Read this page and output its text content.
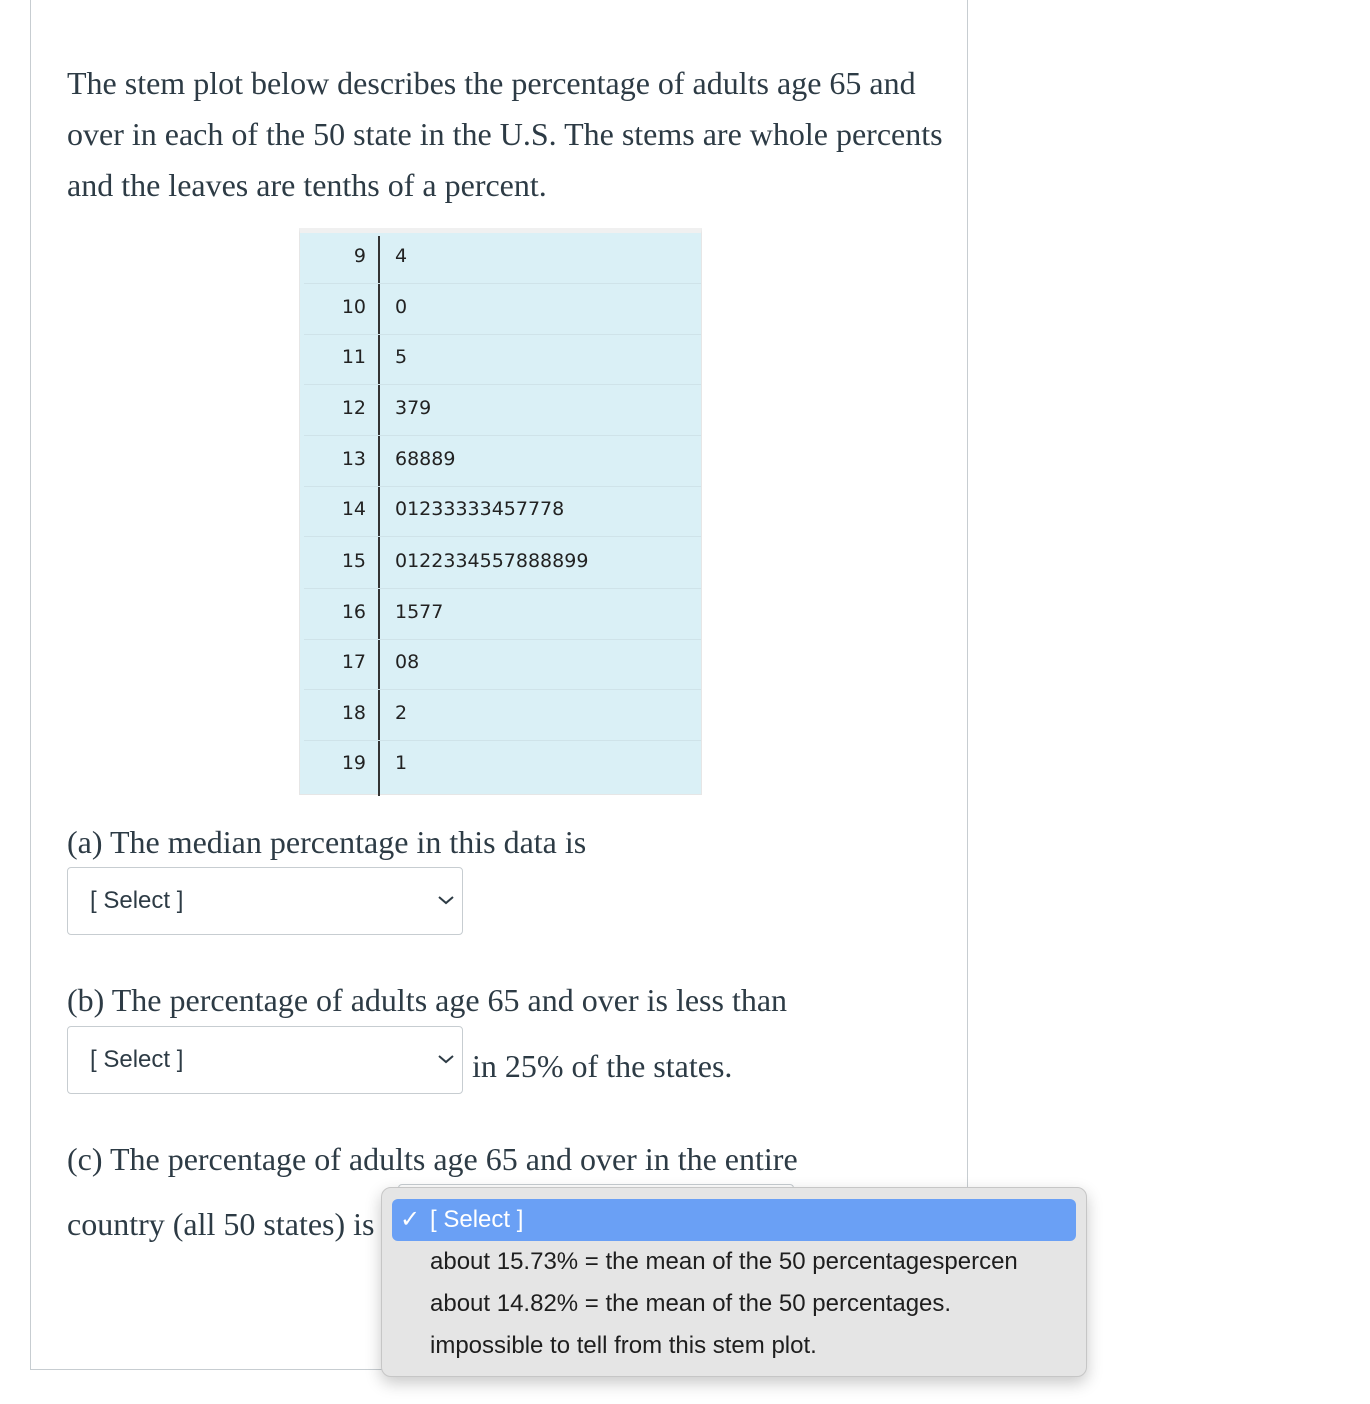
The stem plot below describes the percentage of adults age 65 and over in each of the 50 state in the U.S. The stems are whole percents and the leaves are tenths of a percent.

9 4
10 0
11 5
12 379
13 68889
14 01233333457778
15 0122334557888899
16 1577
17 08
18 2
19 1

(a) The median percentage in this data is

[ Select ]

(b) The percentage of adults age 65 and over is less than

[ Select ]	in 25% of the states.

(c) The percentage of adults age 65 and over in the entire

country (all 50 states) is ✓ [ Select ]
about 15.73% = the mean of the 50 percentagespercen
about 14.82% = the mean of the 50 percentages.
impossible to tell from this stem plot.
